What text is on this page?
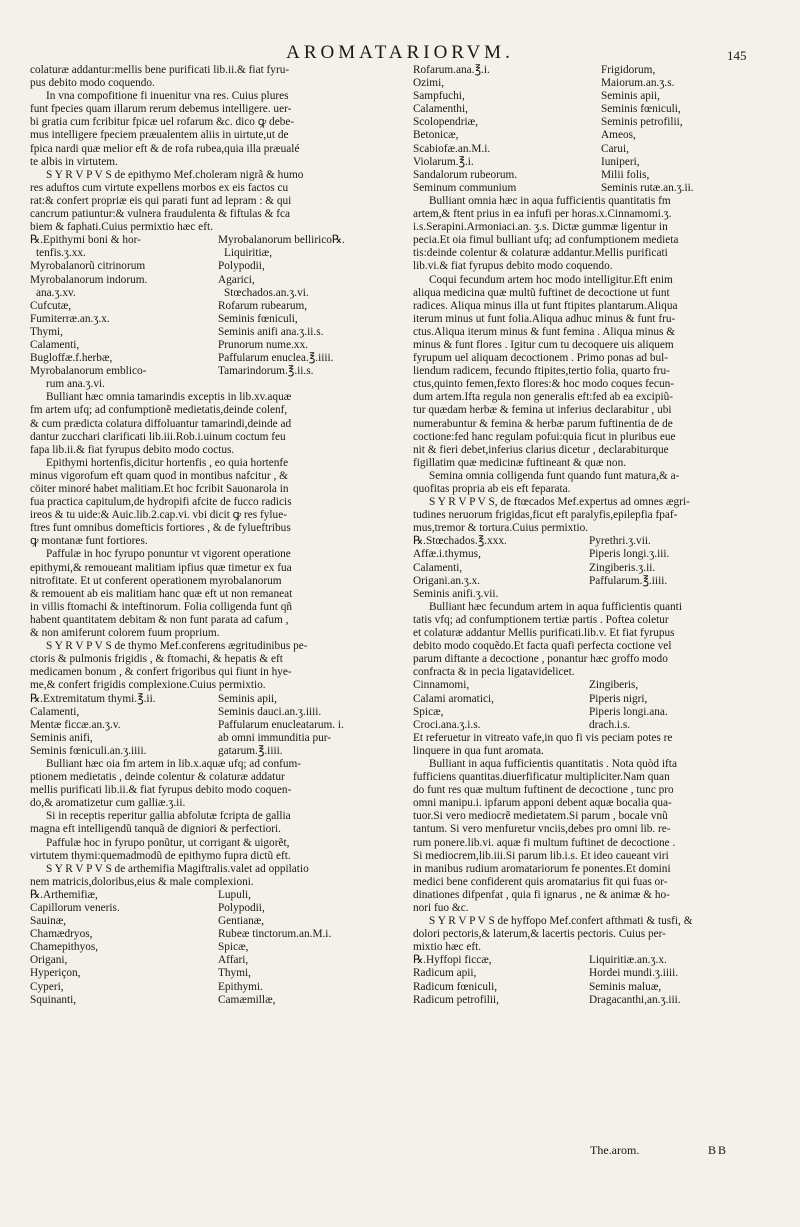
AROMATARIORVM.	145
colaturæ addantur:mellis bene purificati lib.ii.& fiat fyru-
pus debito modo coquendo.
In vna compofitione fi inuenitur vna res. Cuius plures
funt fpecies quam illarum rerum debemus intelligere. uer-
bi gratia cum fcribitur fpicæ uel rofarum &c. dico ꝙ debe-
mus intelligere fpeciem præualentem aliis in uirtute,ut de
fpica nardi quæ melior eft & de rofa rubea,quia illa præualé
te albis in virtutem.
S Y R V P V S de epithymo Mef.choleram nigrã & humo
res aduftos cum virtute expellens morbos ex eis factos cu
rat:& confert propriæ eis qui parati funt ad lepram : & qui
cancrum patiuntur:& vulnera fraudulenta & fiftulas & fca
biem & faphati.Cuius permixtio hæc eft.
℞.Epithymi boni & hor-	Myrobalanorum bellirico℞.
tenfis.ʒ.xx.	Liquiritiæ,
Myrobalanorũ citrinorum	Polypodii,
Myrobalanorum indorum.	Agarici,
ana.ʒ.xv.	Stœchados.an.ʒ.vi.
Cufcutæ,	Rofarum rubearum,
Fumiterræ.an.ʒ.x.	Seminis fœniculi,
Thymi,	Seminis anifi ana.ʒ.ii.s.
Calamenti,	Prunorum nume.xx.
Bugloffæ.f.herbæ,	Paffularum enuclea.℥.iiii.
Myrobalanorum emblico-	Tamarindorum.℥.ii.s.
rum ana.ʒ.vi.
Bulliant hæc omnia tamarindis exceptis in lib.xv.aquæ
fm artem ufq; ad confumptionẽ medietatis,deinde colenf,
& cum prædicta colatura diffoluantur tamarindi,deinde ad
dantur zucchari clarificati lib.iii.Rob.i.uinum coctum feu
fapa lib.ii.& fiat fyrupus debito modo coctus.
Epithymi hortenfis,dicitur hortenfis , eo quia hortenfe
minus vigorofum eft quam quod in montibus nafcitur , &
cöiter minoré habet malitiam.Et hoc fcribit Sauonarola in
fua practica capitulum,de hydropifi afcite de fucco radicis
ireos & tu uide:& Auic.lib.2.cap.vi. vbi dicit ꝙ res fylue-
ftres funt omnibus domefticis fortiores , & de fylueftribus
ꝙ montanæ funt fortiores.
Paffulæ in hoc fyrupo ponuntur vt vigorent operatione
epithymi,& remoueant malitiam ipfius quæ timetur ex fua
nitrofitate. Et ut conferent operationem myrobalanorum
& remouent ab eis malitiam hanc quæ eft ut non remaneat
in villis ftomachi & inteftinorum. Folia colligenda funt qñ
habent quantitatem debitam & non funt parata ad cafum ,
& non amiferunt colorem fuum proprium.
S Y R V P V S de thymo Mef.conferens ægritudinibus pe-
ctoris & pulmonis frigidis , & ftomachi, & hepatis & eft
medicamen bonum , & confert frigoribus qui fiunt in hye-
me,& confert frigidis complexione.Cuius permixtio.
℞.Extremitatum thymi.℥.ii.	Seminis apii,
Calamenti,	Seminis dauci.an.ʒ.iiii.
Mentæ ficcæ.an.ʒ.v.	Paffularum enucleatarum. i.
Seminis anifi,	ab omni immunditia pur-
Seminis fœniculi.an.ʒ.iiii.	gatarum.℥.iiii.
Bulliant hæc oia fm artem in lib.x.aquæ ufq; ad confum-
ptionem medietatis , deinde colentur & colaturæ addatur
mellis purificati lib.ii.& fiat fyrupus debito modo coquen-
do,& aromatizetur cum galliæ.ʒ.ii.
Si in receptis reperitur gallia abfolutæ fcripta de gallia
magna eft intelligendũ tanquã de digniori & perfectiori.
Paffulæ hoc in fyrupo ponũtur, ut corrigant & uigorẽt,
virtutem thymi:quemadmodũ de epithymo fupra dictũ eft.
S Y R V P V S de arthemifia Magiftralis.valet ad oppilatio
nem matricis,doloribus,eius & male complexioni.
℞.Arthemifiæ,	Lupuli,
Capillorum veneris.	Polypodii,
Sauinæ,	Gentianæ,
Chamædryos,	Rubeæ tinctorum.an.M.i.
Chamepithyos,	Spicæ,
Origani,	Affari,
Hyperiçon,	Thymi,
Cyperi,	Epithymi.
Squinanti,	Camæmillæ,
Rofarum.ana.℥.i.	Frigidorum,
Ozimi,	Maiorum.an.ʒ.s.
Sampfuchi,	Seminis apii,
Calamenthi,	Seminis fœniculi,
Scolopendriæ,	Seminis petrofilii,
Betonicæ,	Ameos,
Scabiofæ.an.M.i.	Carui,
Violarum.℥.i.	Iuniperi,
Sandalorum rubeorum.	Milii folis,
Seminum communium	Seminis rutæ.an.ʒ.ii.
Bulliant omnia hæc in aqua fufficientis quantitatis fm
artem,& ftent prius in ea infufi per horas.x.Cinnamomi.ʒ.
i.s.Serapini.Armoniaci.an. ʒ.s. Dictæ gummæ ligentur in
pecia.Et oia fimul bulliant ufq; ad confumptionem medieta
tis:deinde colentur & colaturæ addantur.Mellis purificati
lib.vi.& fiat fyrupus debito modo coquendo.
Coqui fecundum artem hoc modo intelligitur.Eft enim
aliqua medicina quæ multũ fuftinet de decoctione ut funt
radices. Aliqua minus illa ut funt ftipites plantarum.Aliqua
iterum minus ut funt folia.Aliqua adhuc minus & funt fru-
ctus.Aliqua iterum minus & funt femina . Aliqua minus &
minus & funt flores . Igitur cum tu decoquere uis aliquem
fyrupum uel aliquam decoctionem . Primo ponas ad bul-
liendum radicem, fecundo ftipites,tertio folia, quarto fru-
ctus,quinto femen,fexto flores:& hoc modo coques fecun-
dum artem.Ifta regula non generalis eft:fed ab ea excipiũ-
tur quædam herbæ & femina ut inferius declarabitur , ubi
numerabuntur & femina & herbæ parum fuftinentia de de
coctione:fed hanc regulam pofui:quia ficut in pluribus eue
nit & fieri debet,inferius clarius dicetur , declarabiturque
figillatim quæ medicinæ fuftineant & quæ non.
Semina omnia colligenda funt quando funt matura,& a-
quofitas propria ab eis eft feparata.
S Y R V P V S, de ftœcados Mef.expertus ad omnes ægri-
tudines neruorum frigidas,ficut eft paralyfis,epilepfia fpaf-
mus,tremor & tortura.Cuius permixtio.
℞.Stœchados.℥.xxx.	Pyrethri.ʒ.vii.
Affæ.i.thymus,	Piperis longi.ʒ.iii.
Calamenti,	Zingiberis.ʒ.ii.
Origani.an.ʒ.x.	Paffularum.℥.iiii.
Seminis anifi.ʒ.vii.
Bulliant hæc fecundum artem in aqua fufficientis quanti
tatis vfq; ad confumptionem tertiæ partis . Poftea coletur
et colaturæ addantur Mellis purificati.lib.v. Et fiat fyrupus
debito modo coquẽdo.Et facta quafi perfecta coctione vel
parum diftante a decoctione , ponantur hæc groffo modo
confracta & in pecia ligatavidelicet.
Cinnamomi,	Zingiberis,
Calami aromatici,	Piperis nigri,
Spicæ,	Piperis longi.ana.
Croci.ana.ʒ.i.s.	drach.i.s.
Et referuetur in vitreato vafe,in quo fi vis peciam potes re
linquere in qua funt aromata.
Bulliant in aqua fufficientis quantitatis . Nota quòd ifta
fufficiens quantitas.diuerfificatur multipliciter.Nam quan
do funt res quæ multum fuftinent de decoctione , tunc pro
omni manipu.i. ipfarum apponi debent aquæ bocalia qua-
tuor.Si vero mediocrẽ medietatem.Si parum , bocale vnũ
tantum. Si vero menfuretur vnciis,debes pro omni lib. re-
rum ponere.lib.vi. aquæ fi multum fuftinet de decoctione .
Si mediocrem,lib.iii.Si parum lib.i.s. Et ideo caueant viri
in manibus rudium aromatariorum fe ponentes.Et domini
medici bene confiderent quis aromatarius fit qui fuas or-
dinationes difpenfat , quia fi ignarus , ne & animæ & ho-
nori fuo &c.
S Y R V P V S de hyffopo Mef.confert afthmati & tusfi, &
dolori pectoris,& laterum,& lacertis pectoris. Cuius per-
mixtio hæc eft.
℞.Hyffopi ficcæ,	Liquiritiæ.an.ʒ.x.
Radicum apii,	Hordei mundi.ʒ.iiii.
Radicum fœniculi,	Seminis maluæ,
Radicum petrofilii,	Dragacanthi,an.ʒ.iii.
The.arom.	BB
